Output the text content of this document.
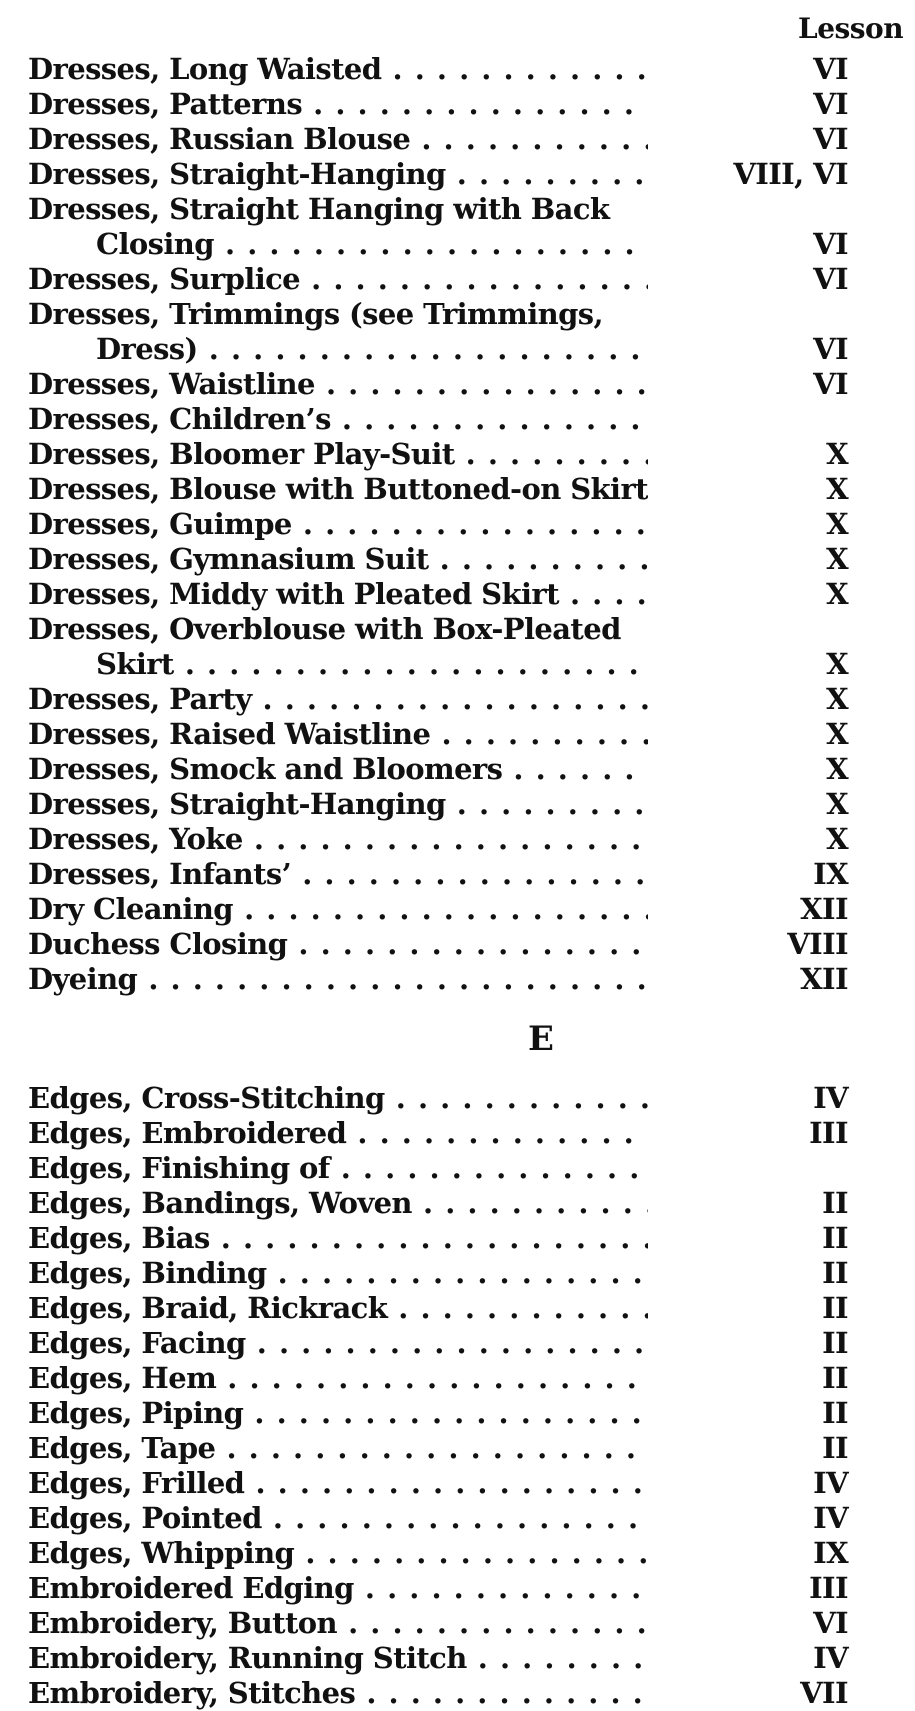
Lesson
Dresses, Long Waisted . . .	VI
Dresses, Patterns . . .	VI
Dresses, Russian Blouse . . .	VI
Dresses, Straight-Hanging . . .	VIII, VI
Dresses, Straight Hanging with Back
Closing . . .	VI
Dresses, Surplice . . .	VI
Dresses, Trimmings (see Trimmings,
Dress) . . .	VI
Dresses, Waistline . . .	VI
Dresses, Children’s . . .
Dresses, Bloomer Play-Suit . . .	X
Dresses, Blouse with Buttoned-on Skirt	X
Dresses, Guimpe . . .	X
Dresses, Gymnasium Suit . . .	X
Dresses, Middy with Pleated Skirt . . .	X
Dresses, Overblouse with Box-Pleated
Skirt . . .	X
Dresses, Party . . .	X
Dresses, Raised Waistline . . .	X
Dresses, Smock and Bloomers . . .	X
Dresses, Straight-Hanging . . .	X
Dresses, Yoke . . .	X
Dresses, Infants’ . . .	IX
Dry Cleaning . . .	XII
Duchess Closing . . .	VIII
Dyeing . . .	XII
E
Edges, Cross-Stitching . . .	IV
Edges, Embroidered . . .	III
Edges, Finishing of . . .
Edges, Bandings, Woven . . .	II
Edges, Bias . . .	II
Edges, Binding . . .	II
Edges, Braid, Rickrack . . .	II
Edges, Facing . . .	II
Edges, Hem . . .	II
Edges, Piping . . .	II
Edges, Tape . . .	II
Edges, Frilled . . .	IV
Edges, Pointed . . .	IV
Edges, Whipping . . .	IX
Embroidered Edging . . .	III
Embroidery, Button . . .	VI
Embroidery, Running Stitch . . .	IV
Embroidery, Stitches . . .	VII
